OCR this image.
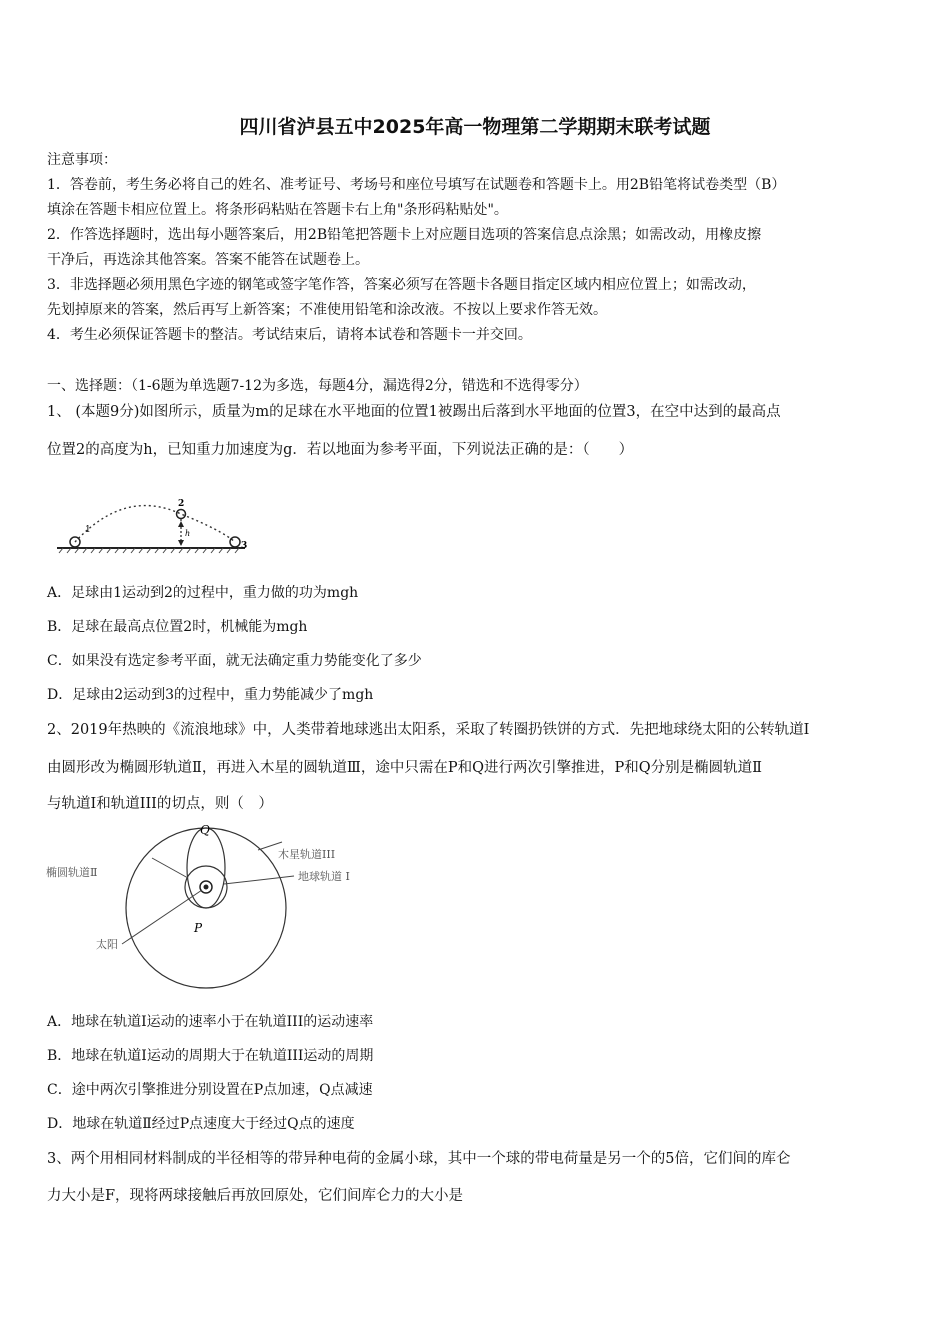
四川省泸县五中2025年高一物理第二学期期末联考试题
注意事项：
1．答卷前，考生务必将自己的姓名、准考证号、考场号和座位号填写在试题卷和答题卡上。用2B铅笔将试卷类型（B）
填涂在答题卡相应位置上。将条形码粘贴在答题卡右上角"条形码粘贴处"。
2．作答选择题时，选出每小题答案后，用2B铅笔把答题卡上对应题目选项的答案信息点涂黑；如需改动，用橡皮擦
干净后，再选涂其他答案。答案不能答在试题卷上。
3．非选择题必须用黑色字迹的钢笔或签字笔作答，答案必须写在答题卡各题目指定区域内相应位置上；如需改动，
先划掉原来的答案，然后再写上新答案；不准使用铅笔和涂改液。不按以上要求作答无效。
4．考生必须保证答题卡的整洁。考试结束后，请将本试卷和答题卡一并交回。
一、选择题：（1-6题为单选题7-12为多选，每题4分，漏选得2分，错选和不选得零分）
1、 (本题9分)如图所示，质量为m的足球在水平地面的位置1被踢出后落到水平地面的位置3，在空中达到的最高点
位置2的高度为h，已知重力加速度为g．若以地面为参考平面，下列说法正确的是：（　　）
1
2
3
h
A．足球由1运动到2的过程中，重力做的功为mgh
B．足球在最高点位置2时，机械能为mgh
C．如果没有选定参考平面，就无法确定重力势能变化了多少
D．足球由2运动到3的过程中，重力势能减少了mgh
2、2019年热映的《流浪地球》中，人类带着地球逃出太阳系，采取了转圈扔铁饼的方式．先把地球绕太阳的公转轨道I
由圆形改为椭圆形轨道Ⅱ，再进入木星的圆轨道Ⅲ，途中只需在P和Q进行两次引擎推进，P和Q分别是椭圆轨道Ⅱ
与轨道I和轨道III的切点，则（　）
Q
P
木星轨道III
椭圆轨道Ⅱ	地球轨道 I
太阳
A．地球在轨道I运动的速率小于在轨道III的运动速率
B．地球在轨道I运动的周期大于在轨道III运动的周期
C．途中两次引擎推进分别设置在P点加速，Q点减速
D．地球在轨道Ⅱ经过P点速度大于经过Q点的速度
3、两个用相同材料制成的半径相等的带异种电荷的金属小球，其中一个球的带电荷量是另一个的5倍，它们间的库仑
力大小是F，现将两球接触后再放回原处，它们间库仑力的大小是
